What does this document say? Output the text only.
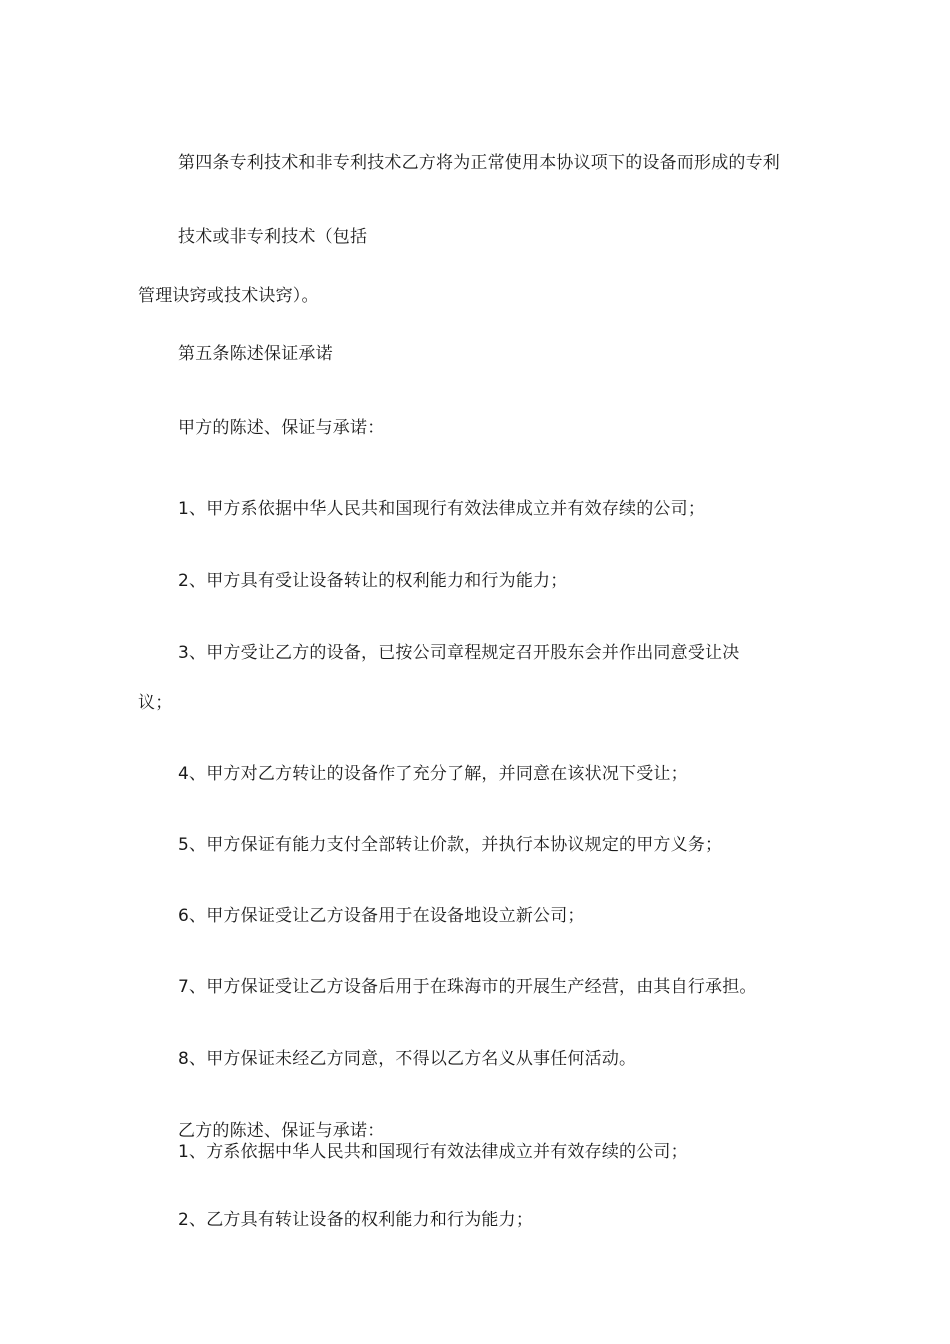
第四条专利技术和非专利技术乙方将为正常使用本协议项下的设备而形成的专利
技术或非专利技术（包括
管理诀窍或技术诀窍）。
第五条陈述保证承诺
甲方的陈述、保证与承诺：
1、甲方系依据中华人民共和国现行有效法律成立并有效存续的公司；
2、甲方具有受让设备转让的权利能力和行为能力；
3、甲方受让乙方的设备，已按公司章程规定召开股东会并作出同意受让决
议；
4、甲方对乙方转让的设备作了充分了解，并同意在该状况下受让；
5、甲方保证有能力支付全部转让价款，并执行本协议规定的甲方义务；
6、甲方保证受让乙方设备用于在设备地设立新公司；
7、甲方保证受让乙方设备后用于在珠海市的开展生产经营，由其自行承担。
8、甲方保证未经乙方同意，不得以乙方名义从事任何活动。
乙方的陈述、保证与承诺：
1、方系依据中华人民共和国现行有效法律成立并有效存续的公司；
2、乙方具有转让设备的权利能力和行为能力；
